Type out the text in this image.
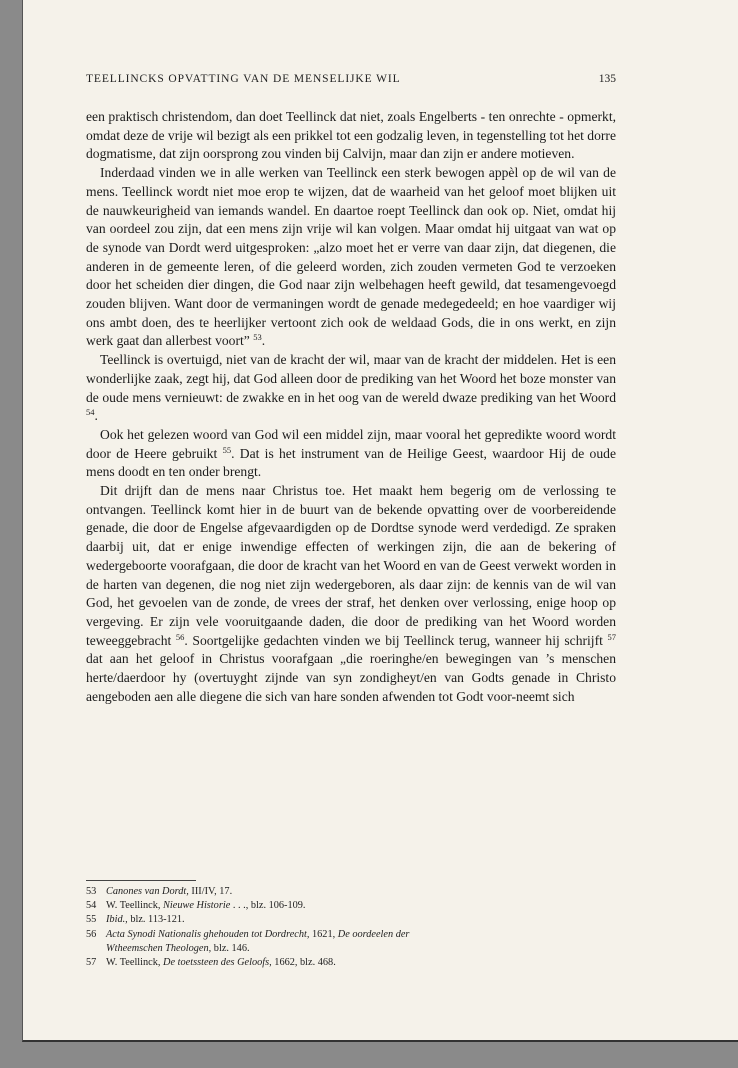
TEELLINCKS OPVATTING VAN DE MENSELIJKE WIL	135

een praktisch christendom, dan doet Teellinck dat niet, zoals Engelberts - ten onrechte - opmerkt, omdat deze de vrije wil bezigt als een prikkel tot een godzalig leven, in tegenstelling tot het dorre dogmatisme, dat zijn oorsprong zou vinden bij Calvijn, maar dan zijn er andere motieven.

Inderdaad vinden we in alle werken van Teellinck een sterk bewogen appèl op de wil van de mens. Teellinck wordt niet moe erop te wijzen, dat de waarheid van het geloof moet blijken uit de nauwkeurigheid van iemands wandel. En daartoe roept Teellinck dan ook op. Niet, omdat hij van oordeel zou zijn, dat een mens zijn vrije wil kan volgen. Maar omdat hij uitgaat van wat op de synode van Dordt werd uitgesproken: „alzo moet het er verre van daar zijn, dat diegenen, die anderen in de gemeente leren, of die geleerd worden, zich zouden vermeten God te verzoeken door het scheiden dier dingen, die God naar zijn welbehagen heeft gewild, dat tesamengevoegd zouden blijven. Want door de vermaningen wordt de genade medegedeeld; en hoe vaardiger wij ons ambt doen, des te heerlijker vertoont zich ook de weldaad Gods, die in ons werkt, en zijn werk gaat dan allerbest voort” $^{53}$.

Teellinck is overtuigd, niet van de kracht der wil, maar van de kracht der middelen. Het is een wonderlijke zaak, zegt hij, dat God alleen door de prediking van het Woord het boze monster van de oude mens vernieuwt: de zwakke en in het oog van de wereld dwaze prediking van het Woord $^{54}$.

Ook het gelezen woord van God wil een middel zijn, maar vooral het gepredikte woord wordt door de Heere gebruikt $^{55}$. Dat is het instrument van de Heilige Geest, waardoor Hij de oude mens doodt en ten onder brengt.

Dit drijft dan de mens naar Christus toe. Het maakt hem begerig om de verlossing te ontvangen. Teellinck komt hier in de buurt van de bekende opvatting over de voorbereidende genade, die door de Engelse afgevaardigden op de Dordtse synode werd verdedigd. Ze spraken daarbij uit, dat er enige inwendige effecten of werkingen zijn, die aan de bekering of wedergeboorte voorafgaan, die door de kracht van het Woord en van de Geest verwekt worden in de harten van degenen, die nog niet zijn wedergeboren, als daar zijn: de kennis van de wil van God, het gevoelen van de zonde, de vrees der straf, het denken over verlossing, enige hoop op vergeving. Er zijn vele vooruitgaande daden, die door de prediking van het Woord worden teweeggebracht $^{56}$. Soortgelijke gedachten vinden we bij Teellinck terug, wanneer hij schrijft $^{57}$ dat aan het geloof in Christus voorafgaan „die roeringhe/en bewegingen van ’s menschen herte/daerdoor hy (overtuyght zijnde van syn zondigheyt/en van Godts genade in Christo aengeboden aen alle diegene die sich van hare sonden afwenden tot Godt voor-neemt sich

53 Canones van Dordt, III/IV, 17.
54 W. Teellinck, Nieuwe Historie . . ., blz. 106-109.
55 Ibid., blz. 113-121.
56 Acta Synodi Nationalis ghehouden tot Dordrecht, 1621, De oordeelen der
Wtheemschen Theologen, blz. 146.
57 W. Teellinck, De toetssteen des Geloofs, 1662, blz. 468.
